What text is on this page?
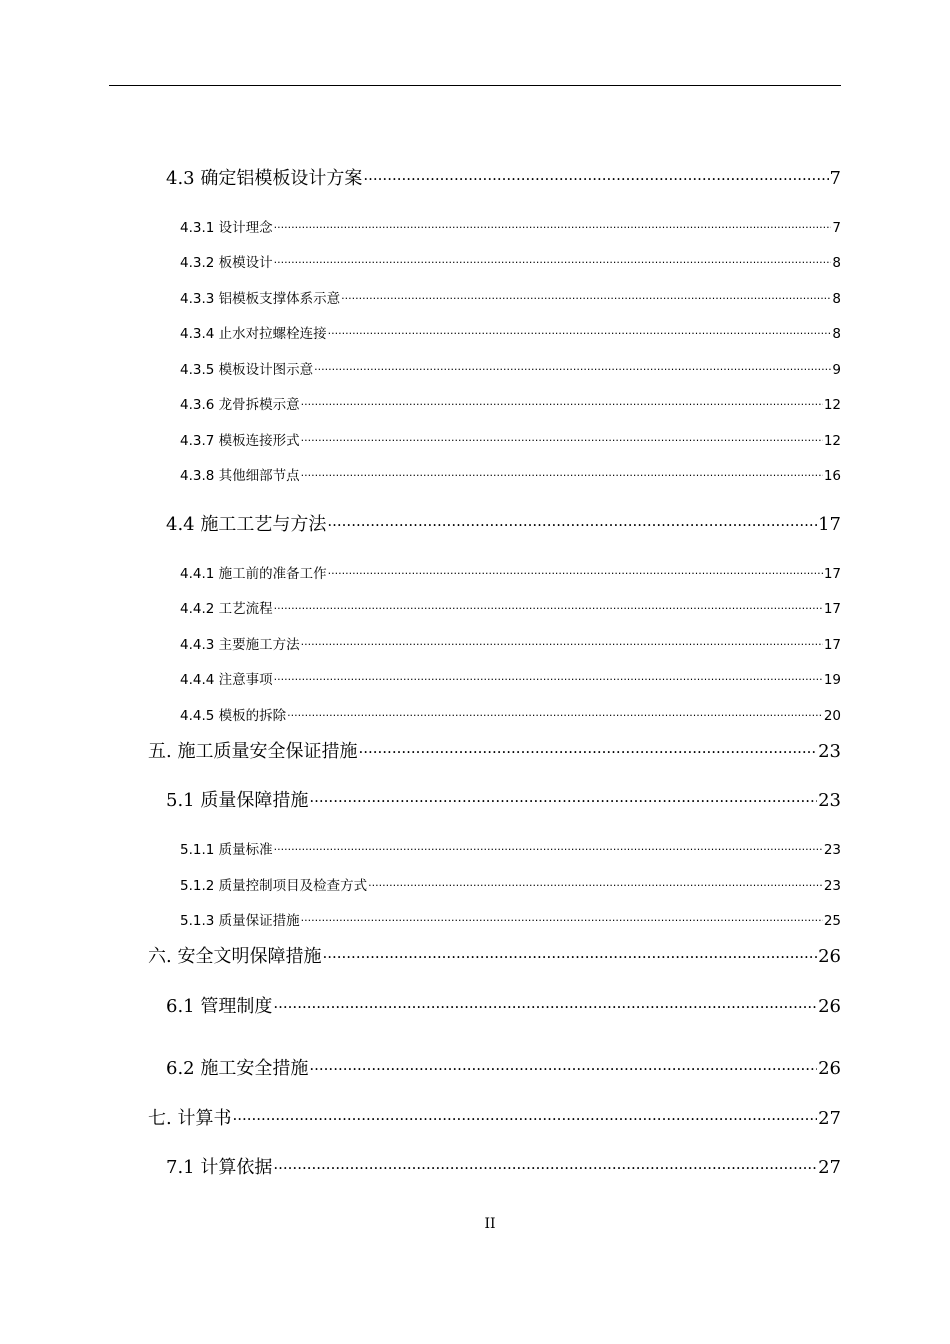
4.3 确定铝模板设计方案 .....	7
4.3.1 设计理念 .....	7
4.3.2 板模设计 .....	8
4.3.3 铝模板支撑体系示意 .....	8
4.3.4 止水对拉螺栓连接 .....	8
4.3.5 模板设计图示意 .....	9
4.3.6 龙骨拆模示意 .....	12
4.3.7 模板连接形式 .....	12
4.3.8 其他细部节点 .....	16
4.4 施工工艺与方法 .....	17
4.4.1 施工前的准备工作 .....	17
4.4.2 工艺流程 .....	17
4.4.3 主要施工方法 .....	17
4.4.4 注意事项 .....	19
4.4.5 模板的拆除 .....	20
五. 施工质量安全保证措施 .....	23
5.1 质量保障措施 .....	23
5.1.1 质量标准 .....	23
5.1.2 质量控制项目及检查方式 .....	23
5.1.3 质量保证措施 .....	25
六. 安全文明保障措施 .....	26
6.1 管理制度 .....	26
6.2 施工安全措施 .....	26
七. 计算书 .....	27
7.1 计算依据 .....	27
II
